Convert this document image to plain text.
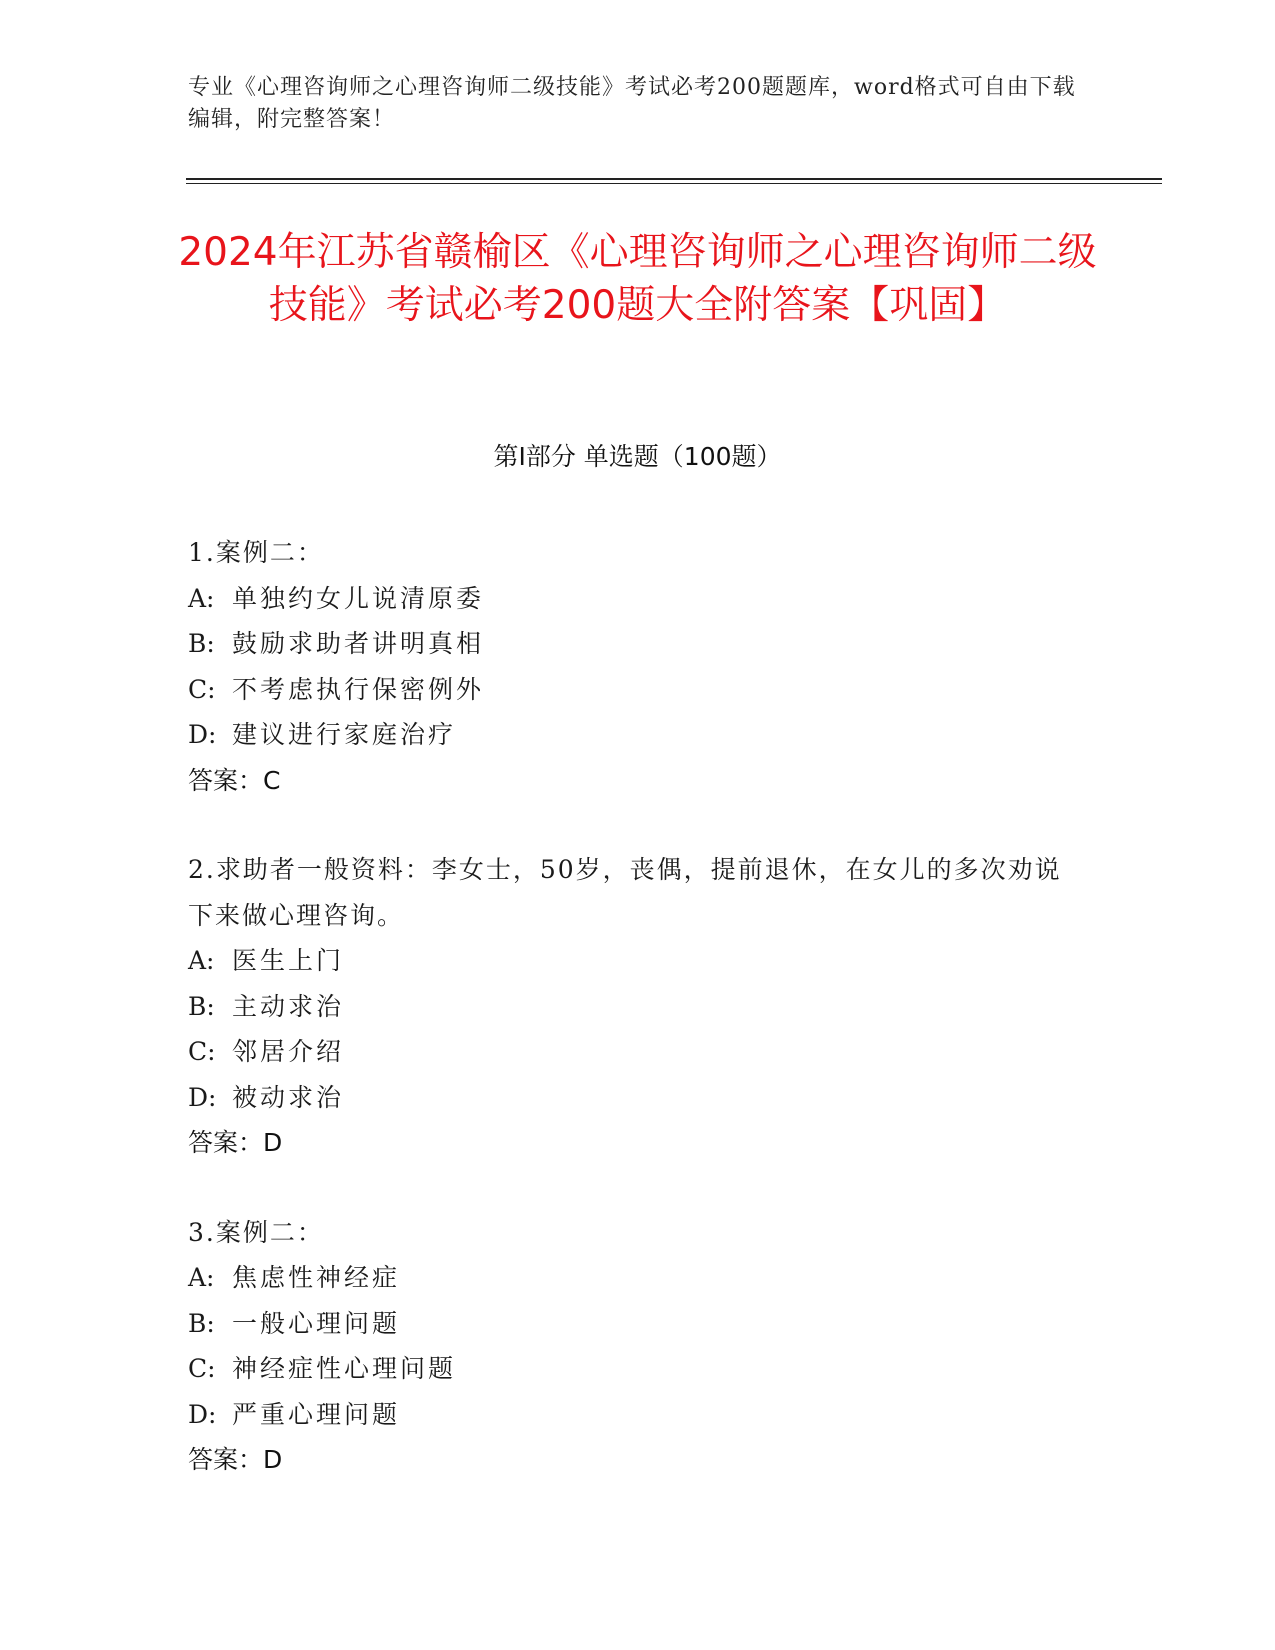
专业《心理咨询师之心理咨询师二级技能》考试必考200题题库，word格式可自由下载编辑，附完整答案！
2024年江苏省赣榆区《心理咨询师之心理咨询师二级技能》考试必考200题大全附答案【巩固】
第I部分 单选题（100题）
1.案例二：
A: 单独约女儿说清原委
B: 鼓励求助者讲明真相
C: 不考虑执行保密例外
D: 建议进行家庭治疗
答案：C
2.求助者一般资料：李女士，50岁，丧偶，提前退休，在女儿的多次劝说下来做心理咨询。
A: 医生上门
B: 主动求治
C: 邻居介绍
D: 被动求治
答案：D
3.案例二：
A: 焦虑性神经症
B: 一般心理问题
C: 神经症性心理问题
D: 严重心理问题
答案：D
